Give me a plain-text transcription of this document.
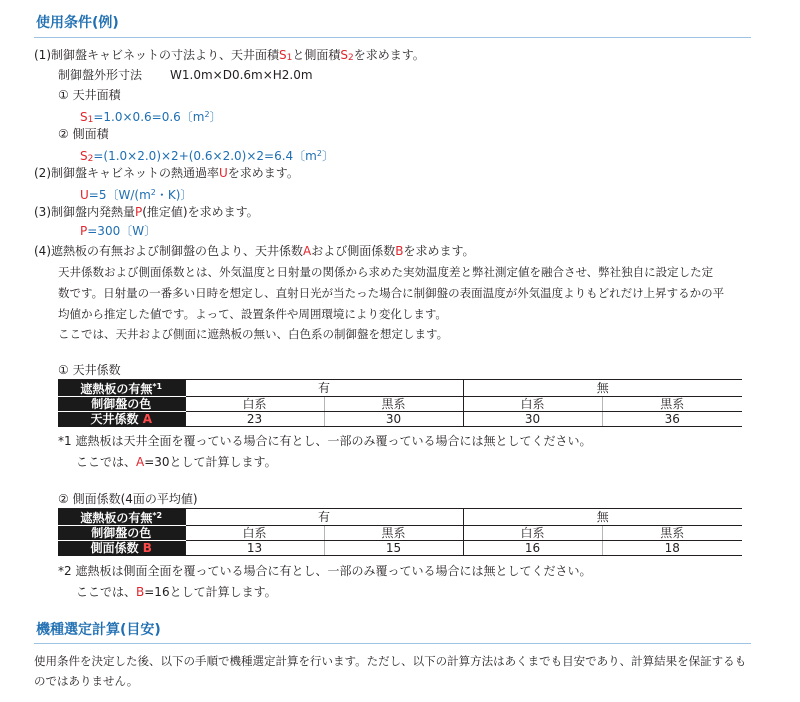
使用条件(例)
(1)制御盤キャビネットの寸法より、天井面積$S_1$と側面積$S_2$を求めます。
制御盤外形寸法 W1.0m×D0.6m×H2.0m
① 天井面積
$S_1=1.0\times 0.6=0.6$〔$m^2$〕
② 側面積
$S_2=(1.0\times 2.0)\times 2+(0.6\times 2.0)\times 2=6.4$〔$m^2$〕
(2)制御盤キャビネットの熱通過率Uを求めます。
U=5〔$W/(m^2$・K)〕
(3)制御盤内発熱量P(推定値)を求めます。
P=300〔W〕
(4)遮熱板の有無および制御盤の色より、天井係数Aおよび側面係数Bを求めます。
天井係数および側面係数とは、外気温度と日射量の関係から求めた実効温度差と弊社測定値を融合させ、弊社独自に設定した定
数です。日射量の一番多い日時を想定し、直射日光が当たった場合に制御盤の表面温度が外気温度よりもどれだけ上昇するかの平
均値から推定した値です。よって、設置条件や周囲環境により変化します。
ここでは、天井および側面に遮熱板の無い、白色系の制御盤を想定します。
① 天井係数
遮熱板の有無$^{*1}$	有		無	
制御盤の色	白系	黒系	白系	黒系
天井係数 A	23	30	30	36
*1 遮熱板は天井全面を覆っている場合に有とし、一部のみ覆っている場合には無としてください。
ここでは、A=30として計算します。
② 側面係数(4面の平均値)
遮熱板の有無$^{*2}$	有		無	
制御盤の色	白系	黒系	白系	黒系
側面係数 B	13	15	16	18
*2 遮熱板は側面全面を覆っている場合に有とし、一部のみ覆っている場合には無としてください。
ここでは、B=16として計算します。
機種選定計算(目安)
使用条件を決定した後、以下の手順で機種選定計算を行います。ただし、以下の計算方法はあくまでも目安であり、計算結果を保証するも
のではありません。
